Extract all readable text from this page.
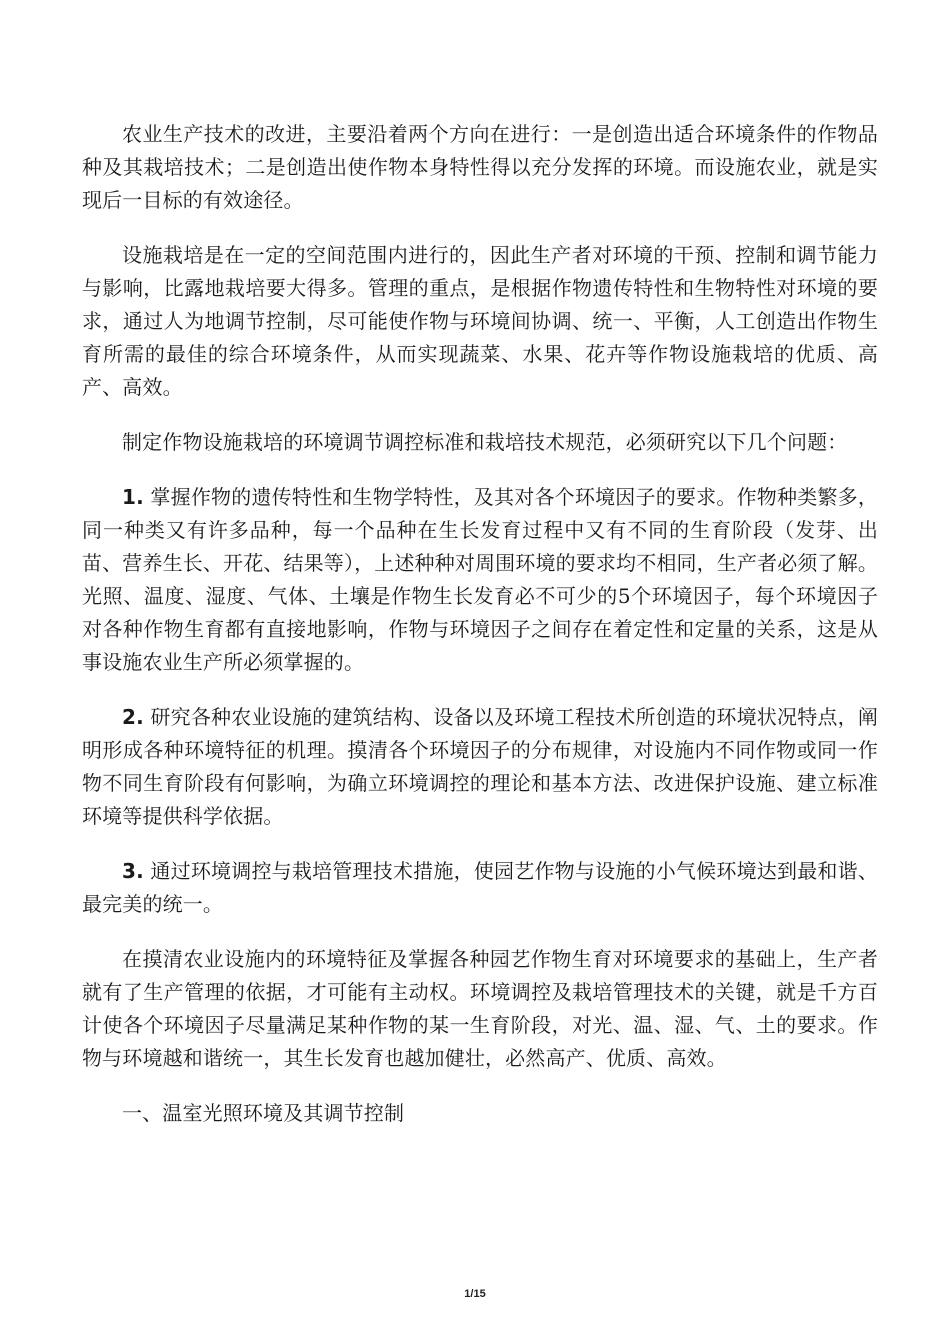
农业生产技术的改进，主要沿着两个方向在进行：一是创造出适合环境条件的作物品种及其栽培技术；二是创造出使作物本身特性得以充分发挥的环境。而设施农业，就是实现后一目标的有效途径。

设施栽培是在一定的空间范围内进行的，因此生产者对环境的干预、控制和调节能力与影响，比露地栽培要大得多。管理的重点，是根据作物遗传特性和生物特性对环境的要求，通过人为地调节控制，尽可能使作物与环境间协调、统一、平衡，人工创造出作物生育所需的最佳的综合环境条件，从而实现蔬菜、水果、花卉等作物设施栽培的优质、高产、高效。

制定作物设施栽培的环境调节调控标准和栽培技术规范，必须研究以下几个问题：

1. 掌握作物的遗传特性和生物学特性，及其对各个环境因子的要求。作物种类繁多，同一种类又有许多品种，每一个品种在生长发育过程中又有不同的生育阶段（发芽、出苗、营养生长、开花、结果等），上述种种对周围环境的要求均不相同，生产者必须了解。光照、温度、湿度、气体、土壤是作物生长发育必不可少的5个环境因子，每个环境因子对各种作物生育都有直接地影响，作物与环境因子之间存在着定性和定量的关系，这是从事设施农业生产所必须掌握的。

2. 研究各种农业设施的建筑结构、设备以及环境工程技术所创造的环境状况特点，阐明形成各种环境特征的机理。摸清各个环境因子的分布规律，对设施内不同作物或同一作物不同生育阶段有何影响，为确立环境调控的理论和基本方法、改进保护设施、建立标准环境等提供科学依据。

3. 通过环境调控与栽培管理技术措施，使园艺作物与设施的小气候环境达到最和谐、最完美的统一。

在摸清农业设施内的环境特征及掌握各种园艺作物生育对环境要求的基础上，生产者就有了生产管理的依据，才可能有主动权。环境调控及栽培管理技术的关键，就是千方百计使各个环境因子尽量满足某种作物的某一生育阶段，对光、温、湿、气、土的要求。作物与环境越和谐统一，其生长发育也越加健壮，必然高产、优质、高效。

一、温室光照环境及其调节控制

1/15
